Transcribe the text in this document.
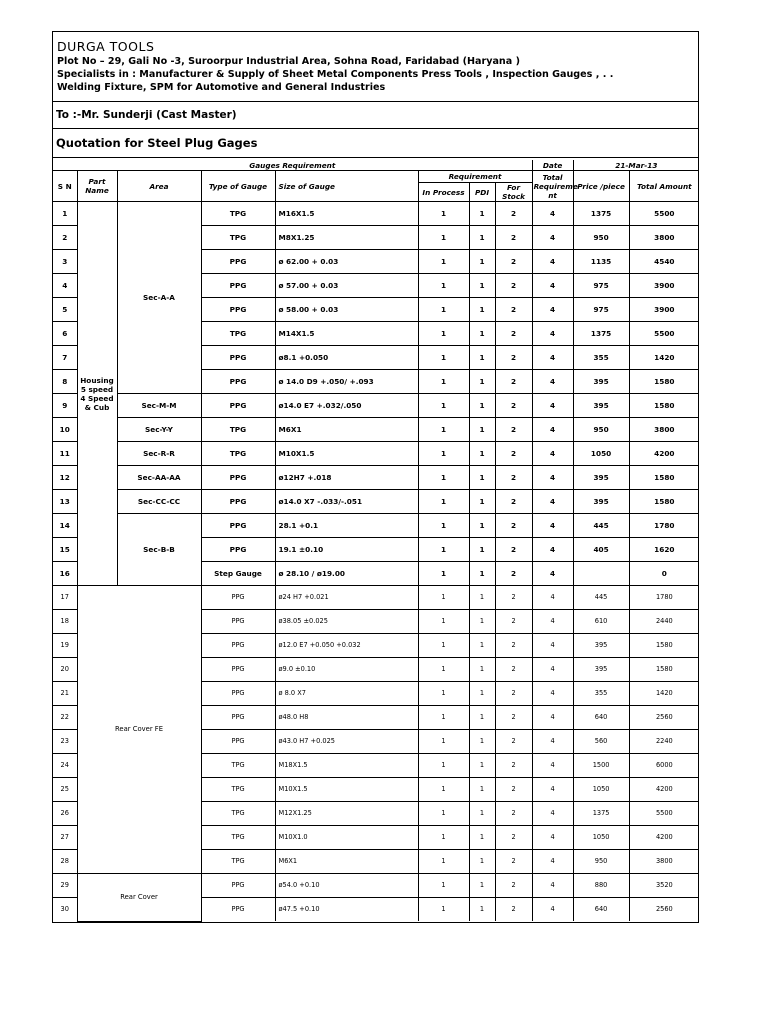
DURGA TOOLS
Plot No – 29, Gali No -3, Suroorpur Industrial Area, Sohna Road, Faridabad (Haryana )
Specialists in : Manufacturer & Supply of Sheet Metal Components Press Tools , Inspection Gauges , . .
Welding Fixture, SPM for Automotive and General Industries
To :-Mr. Sunderji (Cast Master)
Quotation for Steel Plug Gages
Gauges Requirement								Date	21-Mar-13	
S N	Part Name	Area	Type of Gauge	Size of Gauge	Requirement			Total Requireme nt	Price /piece	Total Amount
					In Process	PDI	For Stock			
1	Housing 5 speed 4 Speed & Cub	Sec-A-A	TPG	M16X1.5	1	1	2	4	1375	5500
2			TPG	M8X1.25	1	1	2	4	950	3800
3			PPG	ø 62.00 + 0.03	1	1	2	4	1135	4540
4			PPG	ø 57.00 + 0.03	1	1	2	4	975	3900
5			PPG	ø 58.00 + 0.03	1	1	2	4	975	3900
6			TPG	M14X1.5	1	1	2	4	1375	5500
7			PPG	ø8.1 +0.050	1	1	2	4	355	1420
8			PPG	ø 14.0 D9 +.050/ +.093	1	1	2	4	395	1580
9		Sec-M-M	PPG	ø14.0 E7 +.032/.050	1	1	2	4	395	1580
10		Sec-Y-Y	TPG	M6X1	1	1	2	4	950	3800
11		Sec-R-R	TPG	M10X1.5	1	1	2	4	1050	4200
12		Sec-AA-AA	PPG	ø12H7 +.018	1	1	2	4	395	1580
13		Sec-CC-CC	PPG	ø14.0 X7 -.033/-.051	1	1	2	4	395	1580
14		Sec-B-B	PPG	28.1 +0.1	1	1	2	4	445	1780
15			PPG	19.1 ±0.10	1	1	2	4	405	1620
16			Step Gauge	ø 28.10 / ø19.00	1	1	2	4		0
17	Rear Cover FE		PPG	ø24 H7 +0.021	1	1	2	4	445	1780
18			PPG	ø38.05 ±0.025	1	1	2	4	610	2440
19			PPG	ø12.0 E7 +0.050 +0.032	1	1	2	4	395	1580
20			PPG	ø9.0 ±0.10	1	1	2	4	395	1580
21			PPG	ø 8.0 X7	1	1	2	4	355	1420
22			PPG	ø48.0 H8	1	1	2	4	640	2560
23			PPG	ø43.0 H7 +0.025	1	1	2	4	560	2240
24			TPG	M18X1.5	1	1	2	4	1500	6000
25			TPG	M10X1.5	1	1	2	4	1050	4200
26			TPG	M12X1.25	1	1	2	4	1375	5500
27			TPG	M10X1.0	1	1	2	4	1050	4200
28			TPG	M6X1	1	1	2	4	950	3800
29	Rear Cover		PPG	ø54.0 +0.10	1	1	2	4	880	3520
30			PPG	ø47.5 +0.10	1	1	2	4	640	2560
